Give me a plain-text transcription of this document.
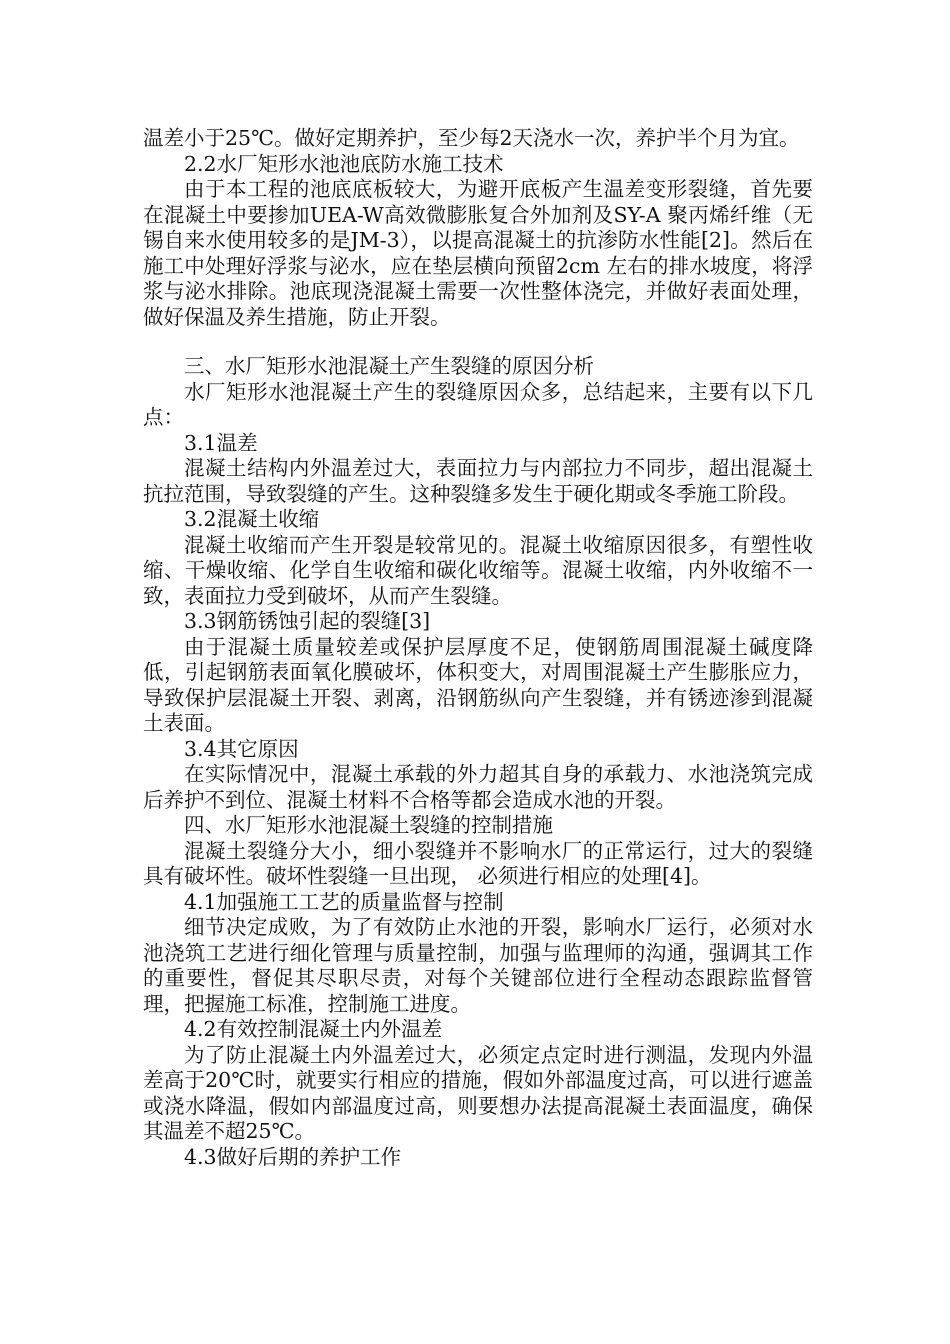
温差小于25℃。做好定期养护，至少每2天浇水一次，养护半个月为宜。

2.2水厂矩形水池池底防水施工技术

由于本工程的池底底板较大，为避开底板产生温差变形裂缝，首先要在混凝土中要掺加UEA-W高效微膨胀复合外加剂及SY-A 聚丙烯纤维（无锡自来水使用较多的是JM-3），以提高混凝土的抗渗防水性能[2]。然后在施工中处理好浮浆与泌水，应在垫层横向预留2cm 左右的排水坡度，将浮浆与泌水排除。池底现浇混凝土需要一次性整体浇完，并做好表面处理，做好保温及养生措施，防止开裂。

三、水厂矩形水池混凝土产生裂缝的原因分析

水厂矩形水池混凝土产生的裂缝原因众多，总结起来，主要有以下几点：

3.1温差

混凝土结构内外温差过大，表面拉力与内部拉力不同步，超出混凝土抗拉范围，导致裂缝的产生。这种裂缝多发生于硬化期或冬季施工阶段。

3.2混凝土收缩

混凝土收缩而产生开裂是较常见的。混凝土收缩原因很多，有塑性收缩、干燥收缩、化学自生收缩和碳化收缩等。混凝土收缩，内外收缩不一致，表面拉力受到破坏，从而产生裂缝。

3.3钢筋锈蚀引起的裂缝[3]

由于混凝土质量较差或保护层厚度不足，使钢筋周围混凝土碱度降低，引起钢筋表面氧化膜破坏，体积变大，对周围混凝土产生膨胀应力，导致保护层混凝土开裂、剥离，沿钢筋纵向产生裂缝，并有锈迹渗到混凝土表面。

3.4其它原因

在实际情况中，混凝土承载的外力超其自身的承载力、水池浇筑完成后养护不到位、混凝土材料不合格等都会造成水池的开裂。

四、水厂矩形水池混凝土裂缝的控制措施

混凝土裂缝分大小，细小裂缝并不影响水厂的正常运行，过大的裂缝具有破坏性。破坏性裂缝一旦出现， 必须进行相应的处理[4]。

4.1加强施工工艺的质量监督与控制

细节决定成败，为了有效防止水池的开裂，影响水厂运行，必须对水池浇筑工艺进行细化管理与质量控制，加强与监理师的沟通，强调其工作的重要性，督促其尽职尽责，对每个关键部位进行全程动态跟踪监督管理，把握施工标准，控制施工进度。

4.2有效控制混凝土内外温差

为了防止混凝土内外温差过大，必须定点定时进行测温，发现内外温差高于20℃时，就要实行相应的措施，假如外部温度过高，可以进行遮盖或浇水降温，假如内部温度过高，则要想办法提高混凝土表面温度，确保其温差不超25℃。

4.3做好后期的养护工作
